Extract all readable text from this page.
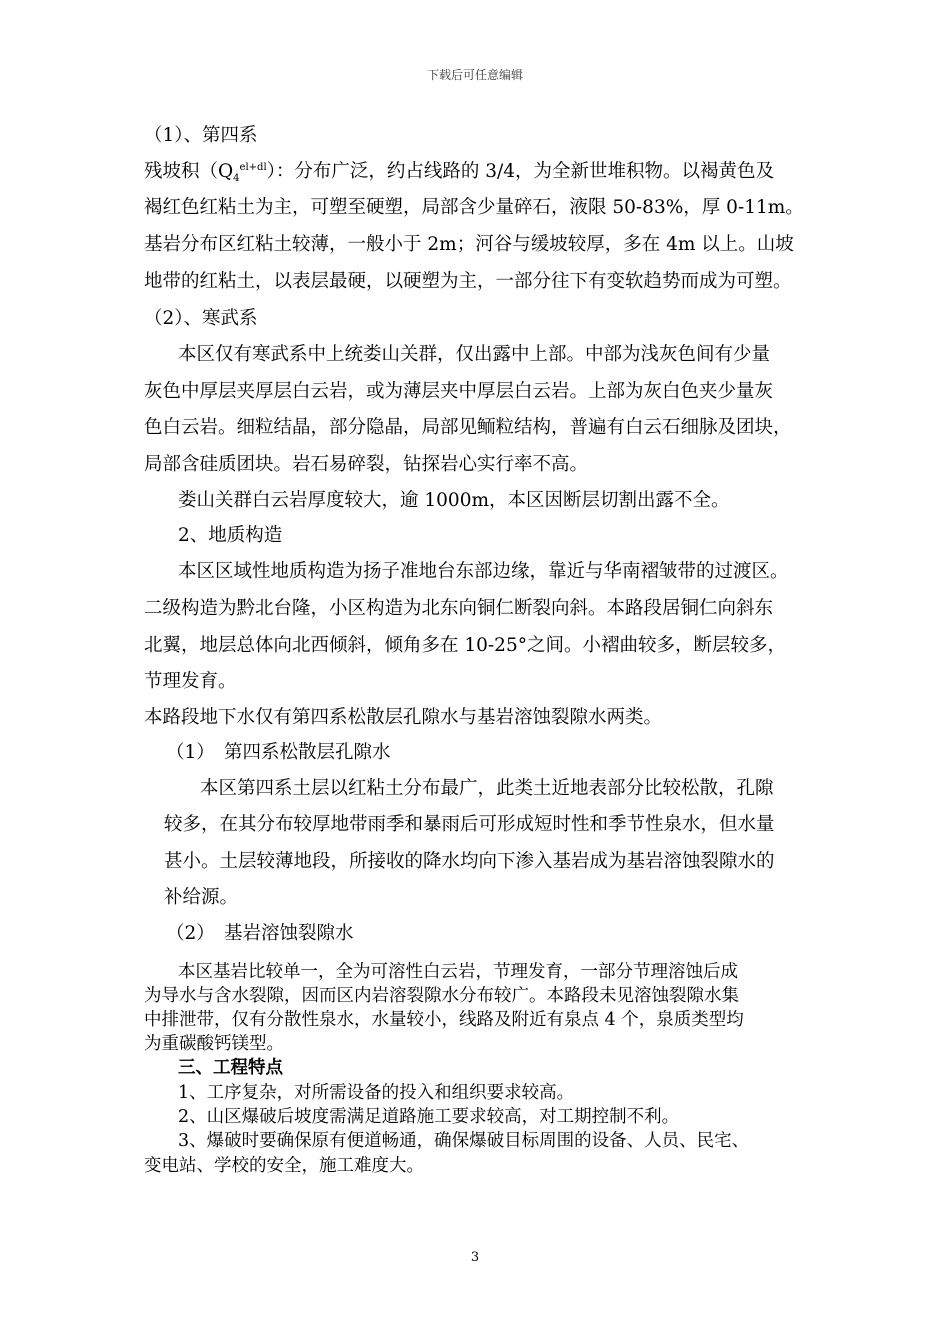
下载后可任意编辑
（1）、第四系
残坡积$(Q_4^{el+dl})$：分布广泛，约占线路的 3/4，为全新世堆积物。以褐黄色及
褐红色红粘土为主，可塑至硬塑，局部含少量碎石，液限 50-83%，厚 0-11m。
基岩分布区红粘土较薄，一般小于 2m；河谷与缓坡较厚，多在 4m 以上。山坡
地带的红粘土，以表层最硬，以硬塑为主，一部分往下有变软趋势而成为可塑。
（2）、寒武系
本区仅有寒武系中上统娄山关群，仅出露中上部。中部为浅灰色间有少量
灰色中厚层夹厚层白云岩，或为薄层夹中厚层白云岩。上部为灰白色夹少量灰
色白云岩。细粒结晶，部分隐晶，局部见鲕粒结构，普遍有白云石细脉及团块，
局部含硅质团块。岩石易碎裂，钻探岩心实行率不高。
娄山关群白云岩厚度较大，逾 1000m，本区因断层切割出露不全。
2、地质构造
本区区域性地质构造为扬子准地台东部边缘，靠近与华南褶皱带的过渡区。
二级构造为黔北台隆，小区构造为北东向铜仁断裂向斜。本路段居铜仁向斜东
北翼，地层总体向北西倾斜，倾角多在 10-25°之间。小褶曲较多，断层较多，
节理发育。
本路段地下水仅有第四系松散层孔隙水与基岩溶蚀裂隙水两类。
（1）　第四系松散层孔隙水
本区第四系土层以红粘土分布最广，此类土近地表部分比较松散，孔隙
较多，在其分布较厚地带雨季和暴雨后可形成短时性和季节性泉水，但水量
甚小。土层较薄地段，所接收的降水均向下渗入基岩成为基岩溶蚀裂隙水的
补给源。
（2）　基岩溶蚀裂隙水
本区基岩比较单一，全为可溶性白云岩，节理发育，一部分节理溶蚀后成
为导水与含水裂隙，因而区内岩溶裂隙水分布较广。本路段未见溶蚀裂隙水集
中排泄带，仅有分散性泉水，水量较小，线路及附近有泉点 4 个，泉质类型均
为重碳酸钙镁型。
三、工程特点
1、工序复杂，对所需设备的投入和组织要求较高。
2、山区爆破后坡度需满足道路施工要求较高，对工期控制不利。
3、爆破时要确保原有便道畅通，确保爆破目标周围的设备、人员、民宅、
变电站、学校的安全，施工难度大。
3
